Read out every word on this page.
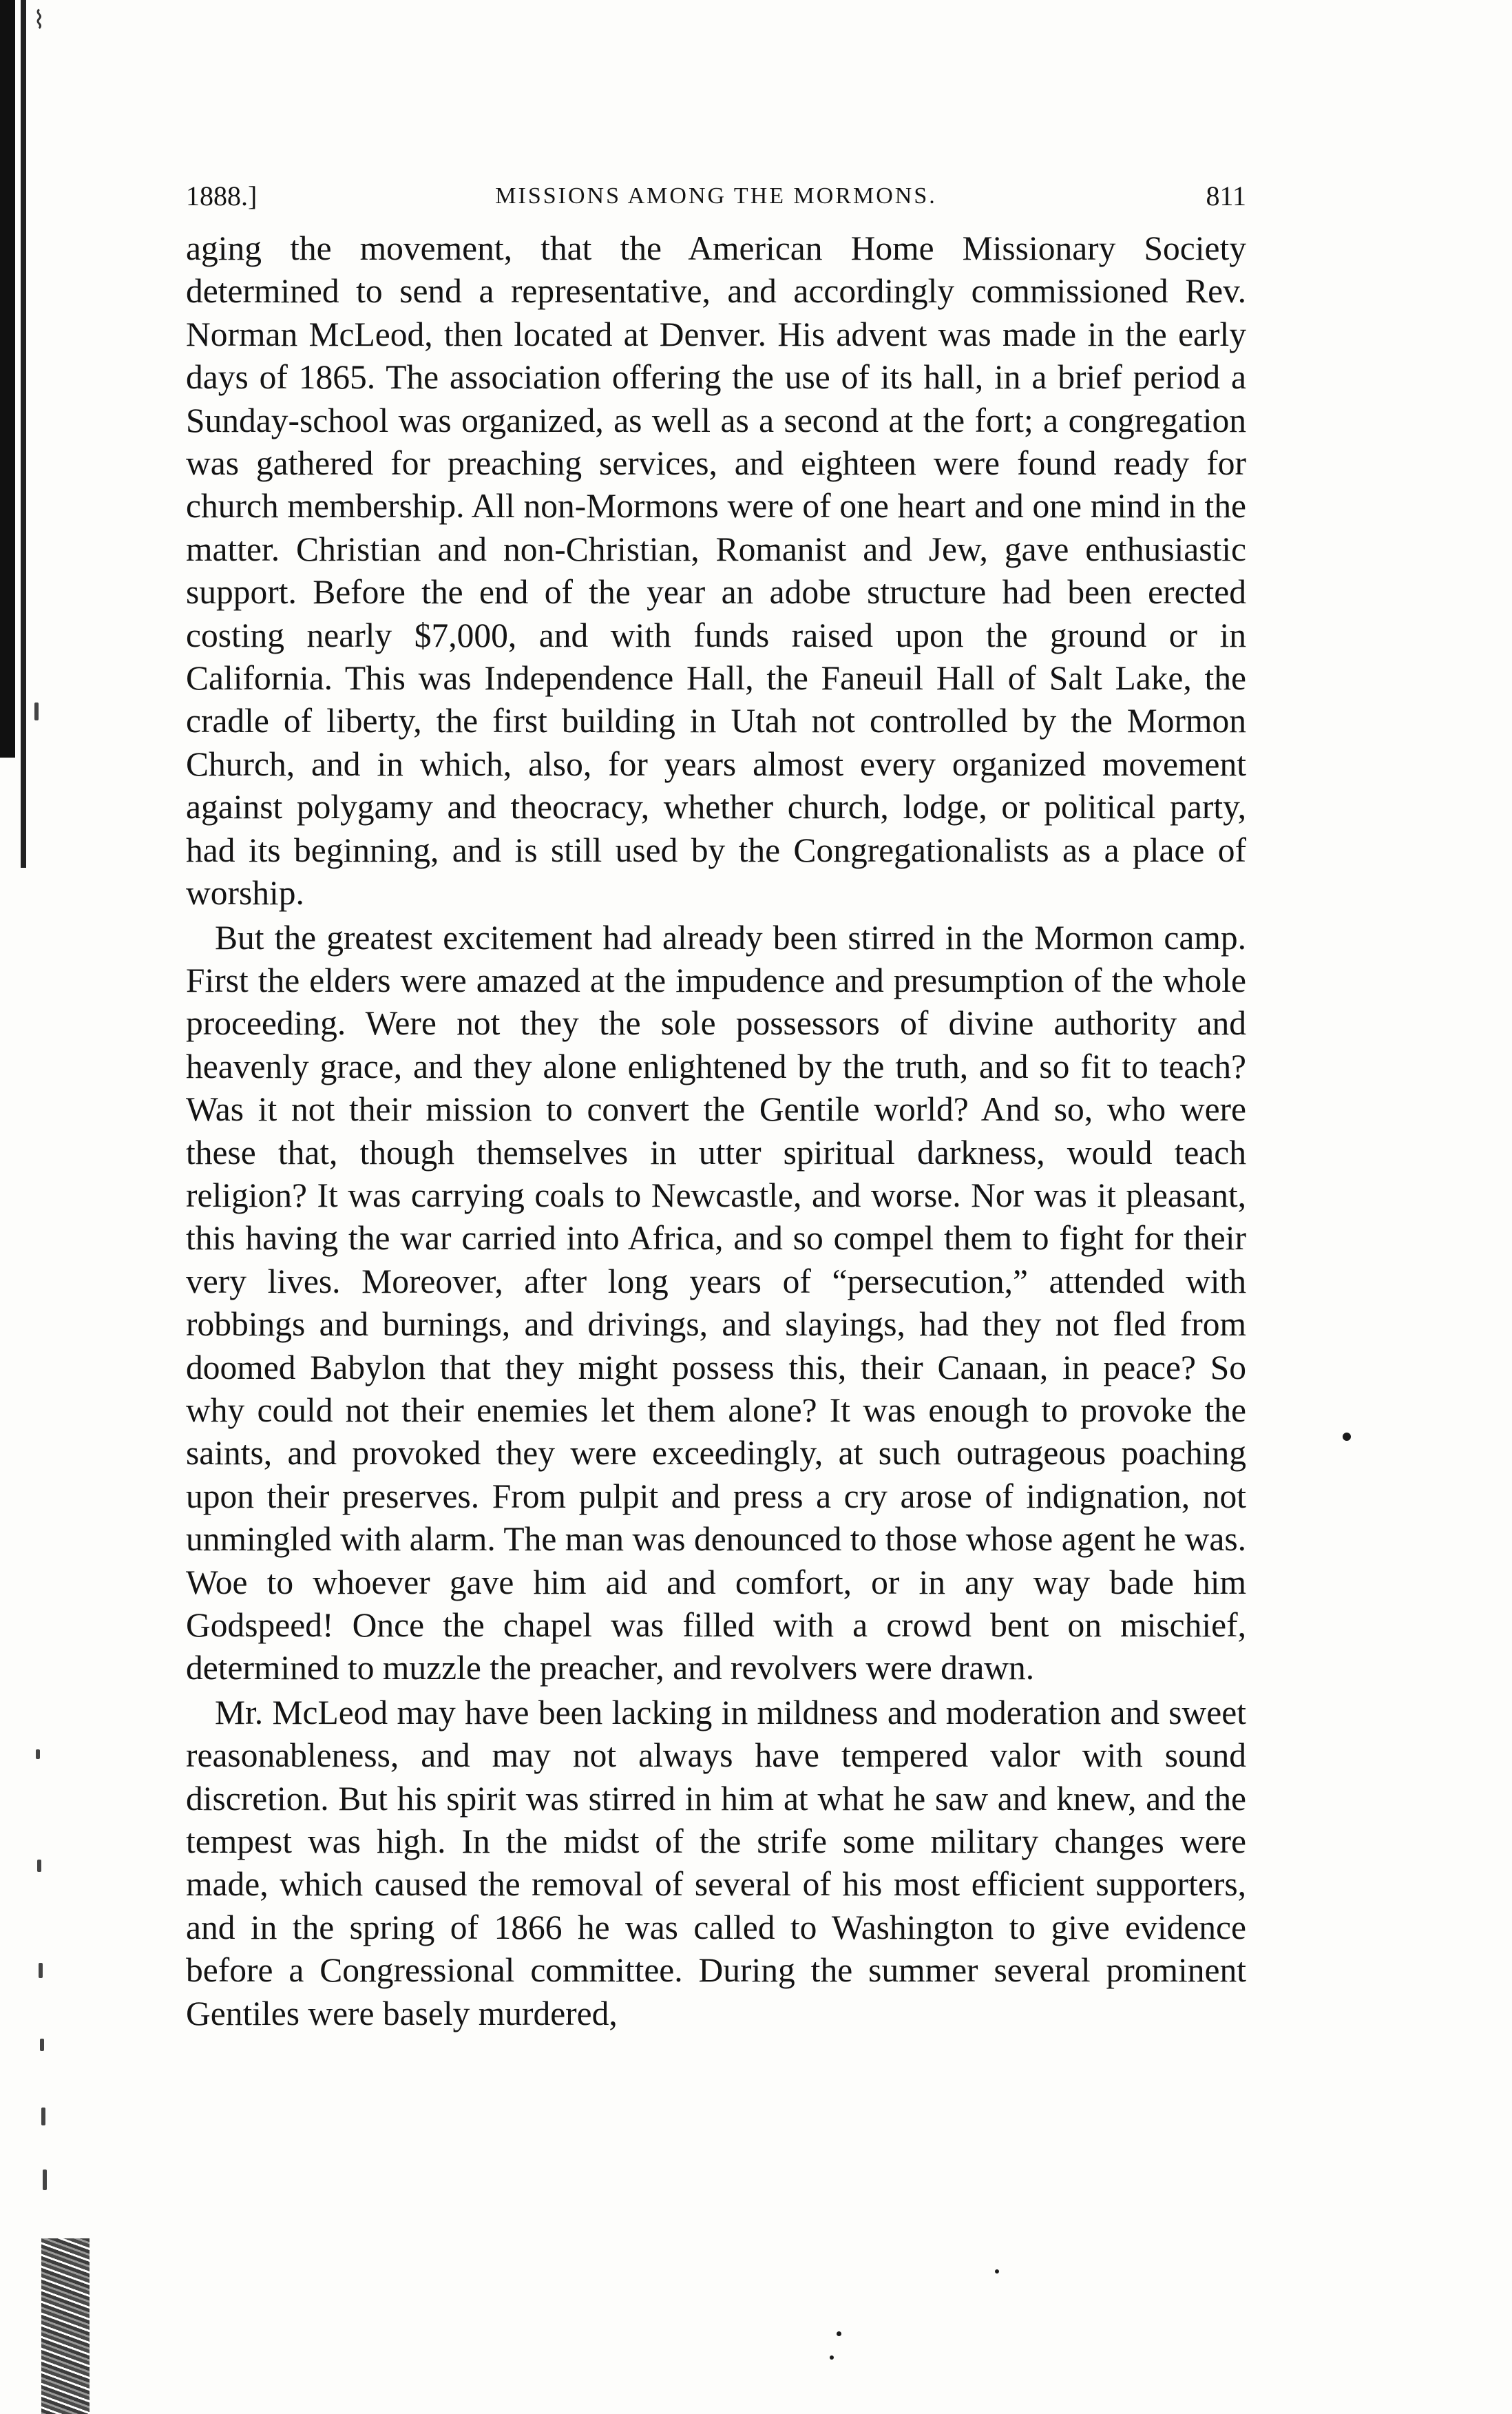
⌇
1888.]	MISSIONS AMONG THE MORMONS.	811

aging the movement, that the American Home Missionary Society determined to send a representative, and accordingly commissioned Rev. Norman McLeod, then located at Denver. His advent was made in the early days of 1865. The association offering the use of its hall, in a brief period a Sunday-school was organized, as well as a second at the fort; a congregation was gathered for preaching services, and eighteen were found ready for church membership. All non-Mormons were of one heart and one mind in the matter. Christian and non-Christian, Romanist and Jew, gave enthusiastic support. Before the end of the year an adobe structure had been erected costing nearly $7,000, and with funds raised upon the ground or in California. This was Independence Hall, the Faneuil Hall of Salt Lake, the cradle of liberty, the first building in Utah not controlled by the Mormon Church, and in which, also, for years almost every organized movement against polygamy and theocracy, whether church, lodge, or political party, had its beginning, and is still used by the Congregationalists as a place of worship.

But the greatest excitement had already been stirred in the Mormon camp. First the elders were amazed at the impudence and presumption of the whole proceeding. Were not they the sole possessors of divine authority and heavenly grace, and they alone enlightened by the truth, and so fit to teach? Was it not their mission to convert the Gentile world? And so, who were these that, though themselves in utter spiritual darkness, would teach religion? It was carrying coals to Newcastle, and worse. Nor was it pleasant, this having the war carried into Africa, and so compel them to fight for their very lives. Moreover, after long years of “persecution,” attended with robbings and burnings, and drivings, and slayings, had they not fled from doomed Babylon that they might possess this, their Canaan, in peace? So why could not their enemies let them alone? It was enough to provoke the saints, and provoked they were exceedingly, at such outrageous poaching upon their preserves. From pulpit and press a cry arose of indignation, not unmingled with alarm. The man was denounced to those whose agent he was. Woe to whoever gave him aid and comfort, or in any way bade him Godspeed! Once the chapel was filled with a crowd bent on mischief, determined to muzzle the preacher, and revolvers were drawn.

Mr. McLeod may have been lacking in mildness and moderation and sweet reasonableness, and may not always have tempered valor with sound discretion. But his spirit was stirred in him at what he saw and knew, and the tempest was high. In the midst of the strife some military changes were made, which caused the removal of several of his most efficient supporters, and in the spring of 1866 he was called to Washington to give evidence before a Congressional committee. During the summer several prominent Gentiles were basely murdered,
